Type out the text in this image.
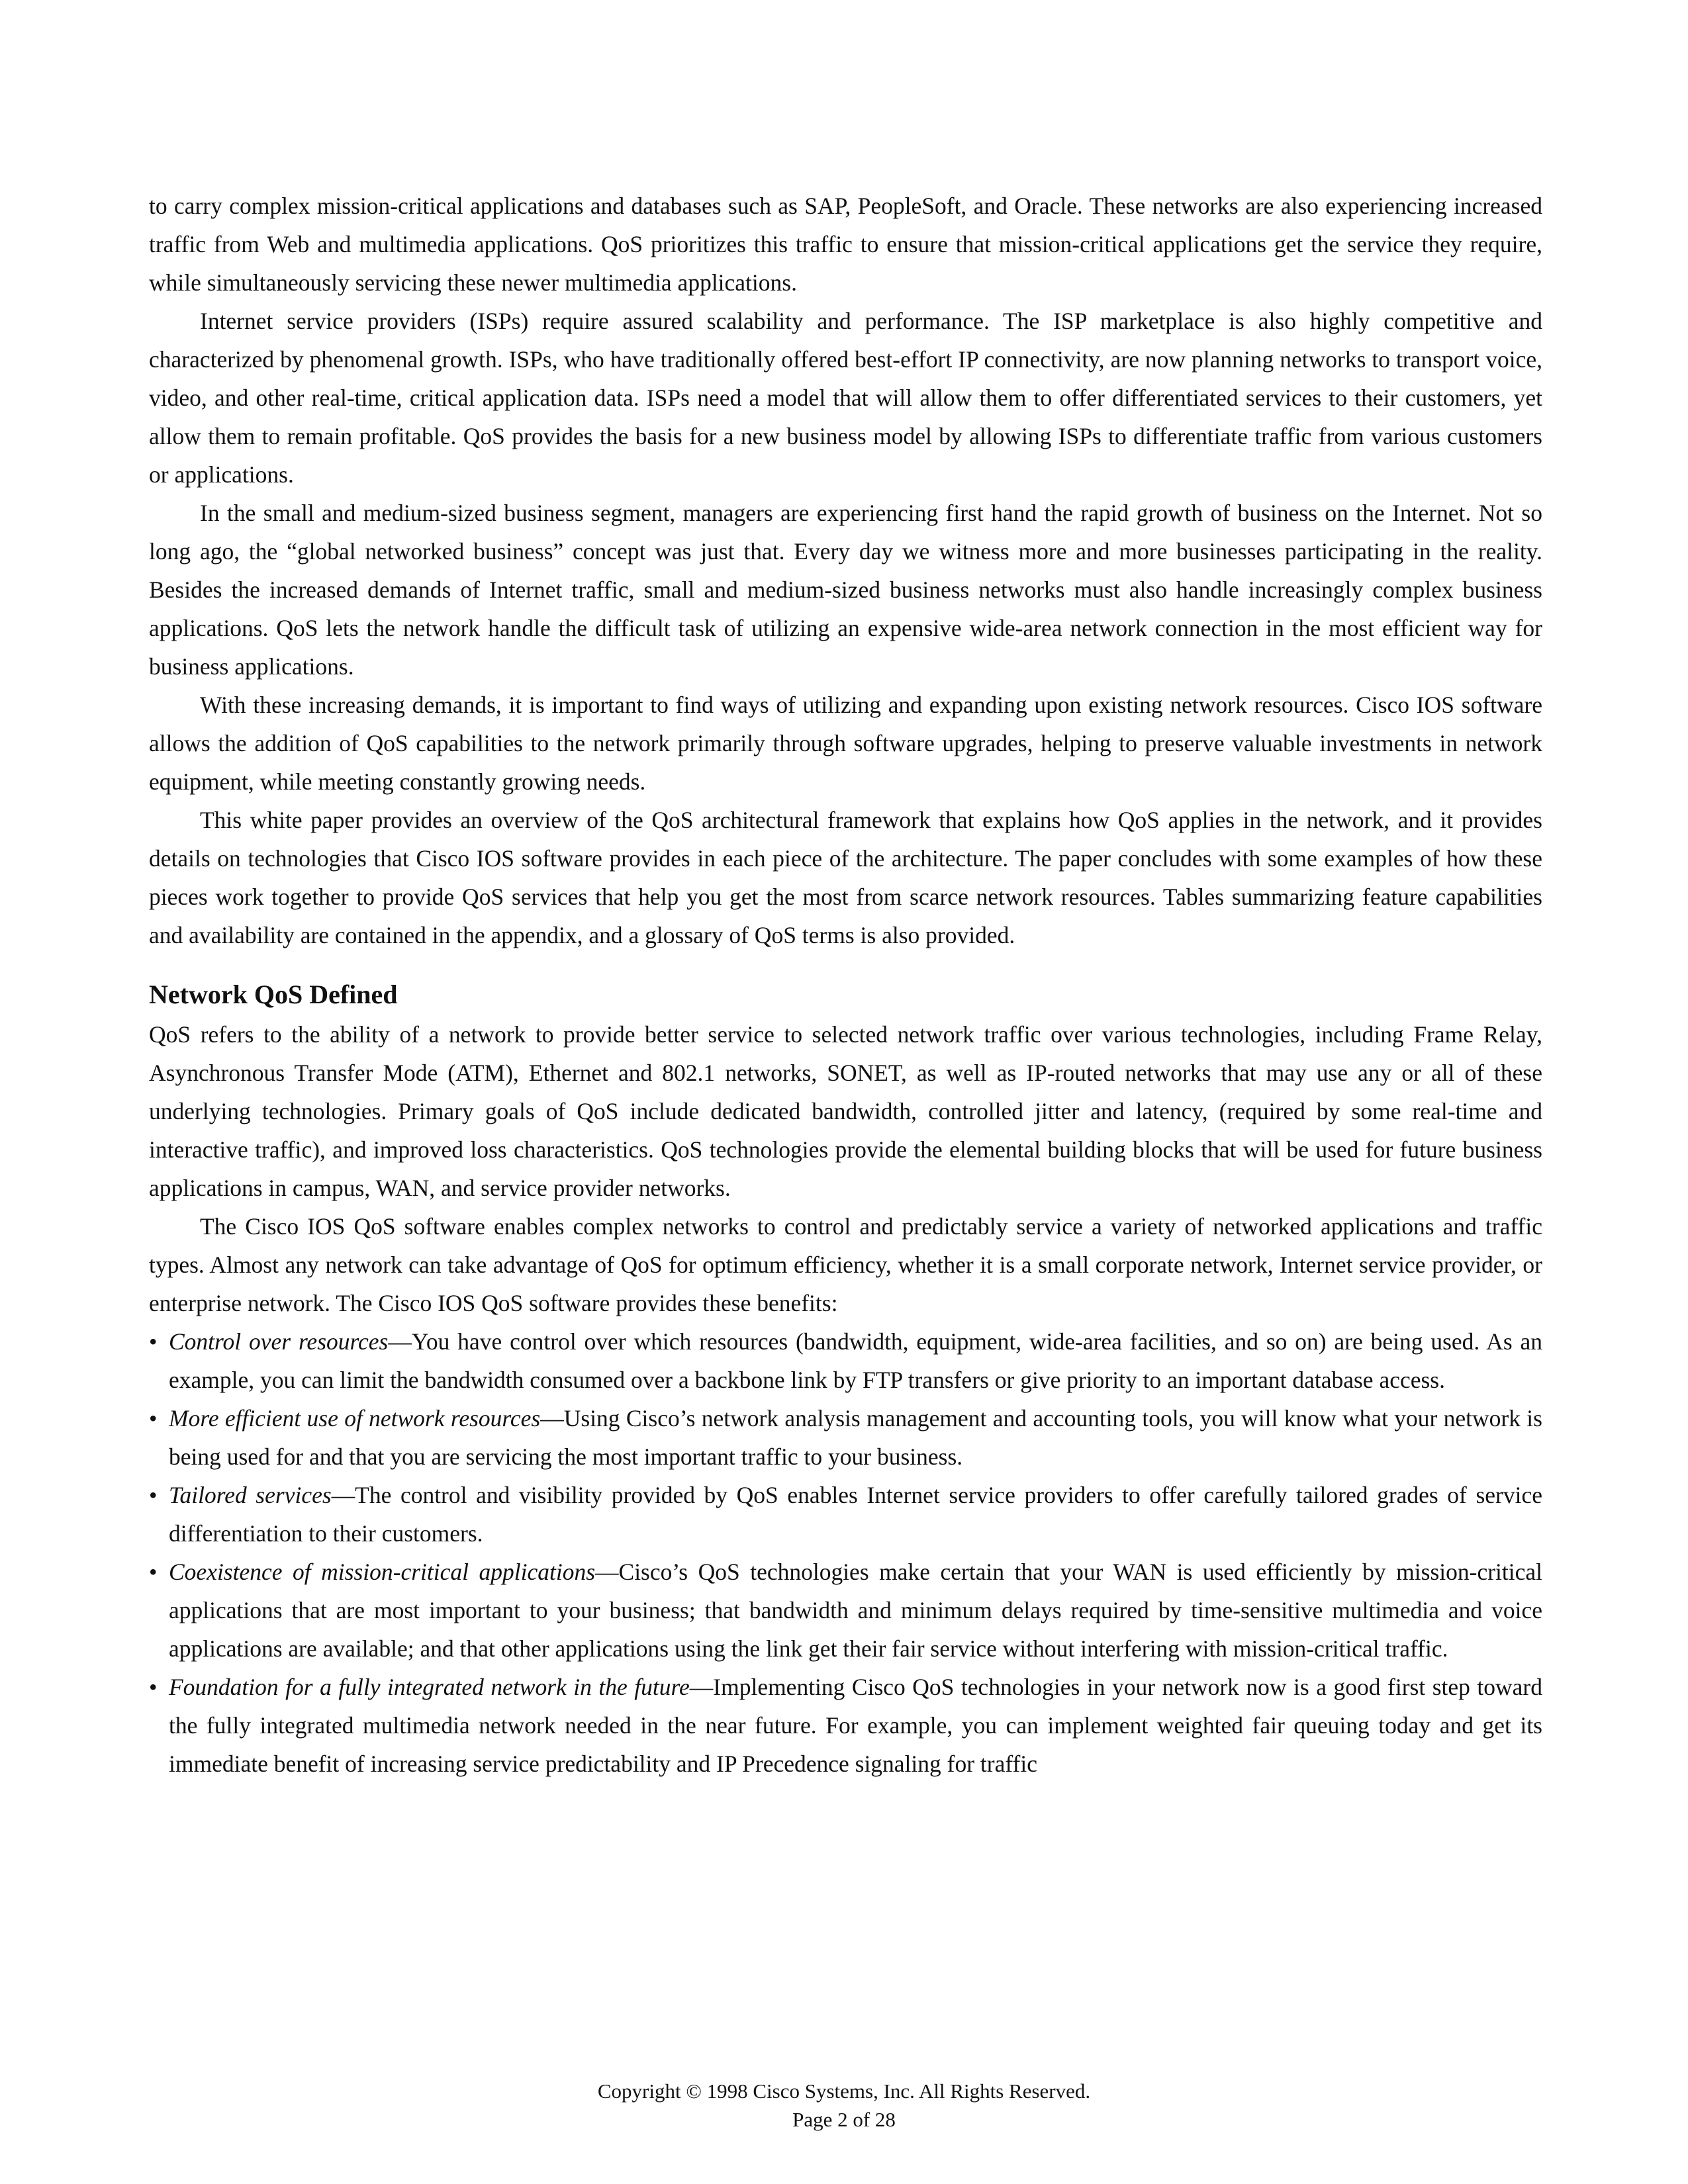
to carry complex mission-critical applications and databases such as SAP, PeopleSoft, and Oracle. These networks are also experiencing increased traffic from Web and multimedia applications. QoS prioritizes this traffic to ensure that mission-critical applications get the service they require, while simultaneously servicing these newer multimedia applications.

Internet service providers (ISPs) require assured scalability and performance. The ISP marketplace is also highly competitive and characterized by phenomenal growth. ISPs, who have traditionally offered best-effort IP connectivity, are now planning networks to transport voice, video, and other real-time, critical application data. ISPs need a model that will allow them to offer differentiated services to their customers, yet allow them to remain profitable. QoS provides the basis for a new business model by allowing ISPs to differentiate traffic from various customers or applications.

In the small and medium-sized business segment, managers are experiencing first hand the rapid growth of business on the Internet. Not so long ago, the “global networked business” concept was just that. Every day we witness more and more businesses participating in the reality. Besides the increased demands of Internet traffic, small and medium-sized business networks must also handle increasingly complex business applications. QoS lets the network handle the difficult task of utilizing an expensive wide-area network connection in the most efficient way for business applications.

With these increasing demands, it is important to find ways of utilizing and expanding upon existing network resources. Cisco IOS software allows the addition of QoS capabilities to the network primarily through software upgrades, helping to preserve valuable investments in network equipment, while meeting constantly growing needs.

This white paper provides an overview of the QoS architectural framework that explains how QoS applies in the network, and it provides details on technologies that Cisco IOS software provides in each piece of the architecture. The paper concludes with some examples of how these pieces work together to provide QoS services that help you get the most from scarce network resources. Tables summarizing feature capabilities and availability are contained in the appendix, and a glossary of QoS terms is also provided.

Network QoS Defined

QoS refers to the ability of a network to provide better service to selected network traffic over various technologies, including Frame Relay, Asynchronous Transfer Mode (ATM), Ethernet and 802.1 networks, SONET, as well as IP-routed networks that may use any or all of these underlying technologies. Primary goals of QoS include dedicated bandwidth, controlled jitter and latency, (required by some real-time and interactive traffic), and improved loss characteristics. QoS technologies provide the elemental building blocks that will be used for future business applications in campus, WAN, and service provider networks.

The Cisco IOS QoS software enables complex networks to control and predictably service a variety of networked applications and traffic types. Almost any network can take advantage of QoS for optimum efficiency, whether it is a small corporate network, Internet service provider, or enterprise network. The Cisco IOS QoS software provides these benefits:

• Control over resources—You have control over which resources (bandwidth, equipment, wide-area facilities, and so on) are being used. As an example, you can limit the bandwidth consumed over a backbone link by FTP transfers or give priority to an important database access.
• More efficient use of network resources—Using Cisco’s network analysis management and accounting tools, you will know what your network is being used for and that you are servicing the most important traffic to your business.
• Tailored services—The control and visibility provided by QoS enables Internet service providers to offer carefully tailored grades of service differentiation to their customers.
• Coexistence of mission-critical applications—Cisco’s QoS technologies make certain that your WAN is used efficiently by mission-critical applications that are most important to your business; that bandwidth and minimum delays required by time-sensitive multimedia and voice applications are available; and that other applications using the link get their fair service without interfering with mission-critical traffic.
• Foundation for a fully integrated network in the future—Implementing Cisco QoS technologies in your network now is a good first step toward the fully integrated multimedia network needed in the near future. For example, you can implement weighted fair queuing today and get its immediate benefit of increasing service predictability and IP Precedence signaling for traffic
Copyright © 1998 Cisco Systems, Inc. All Rights Reserved.
Page 2 of 28
